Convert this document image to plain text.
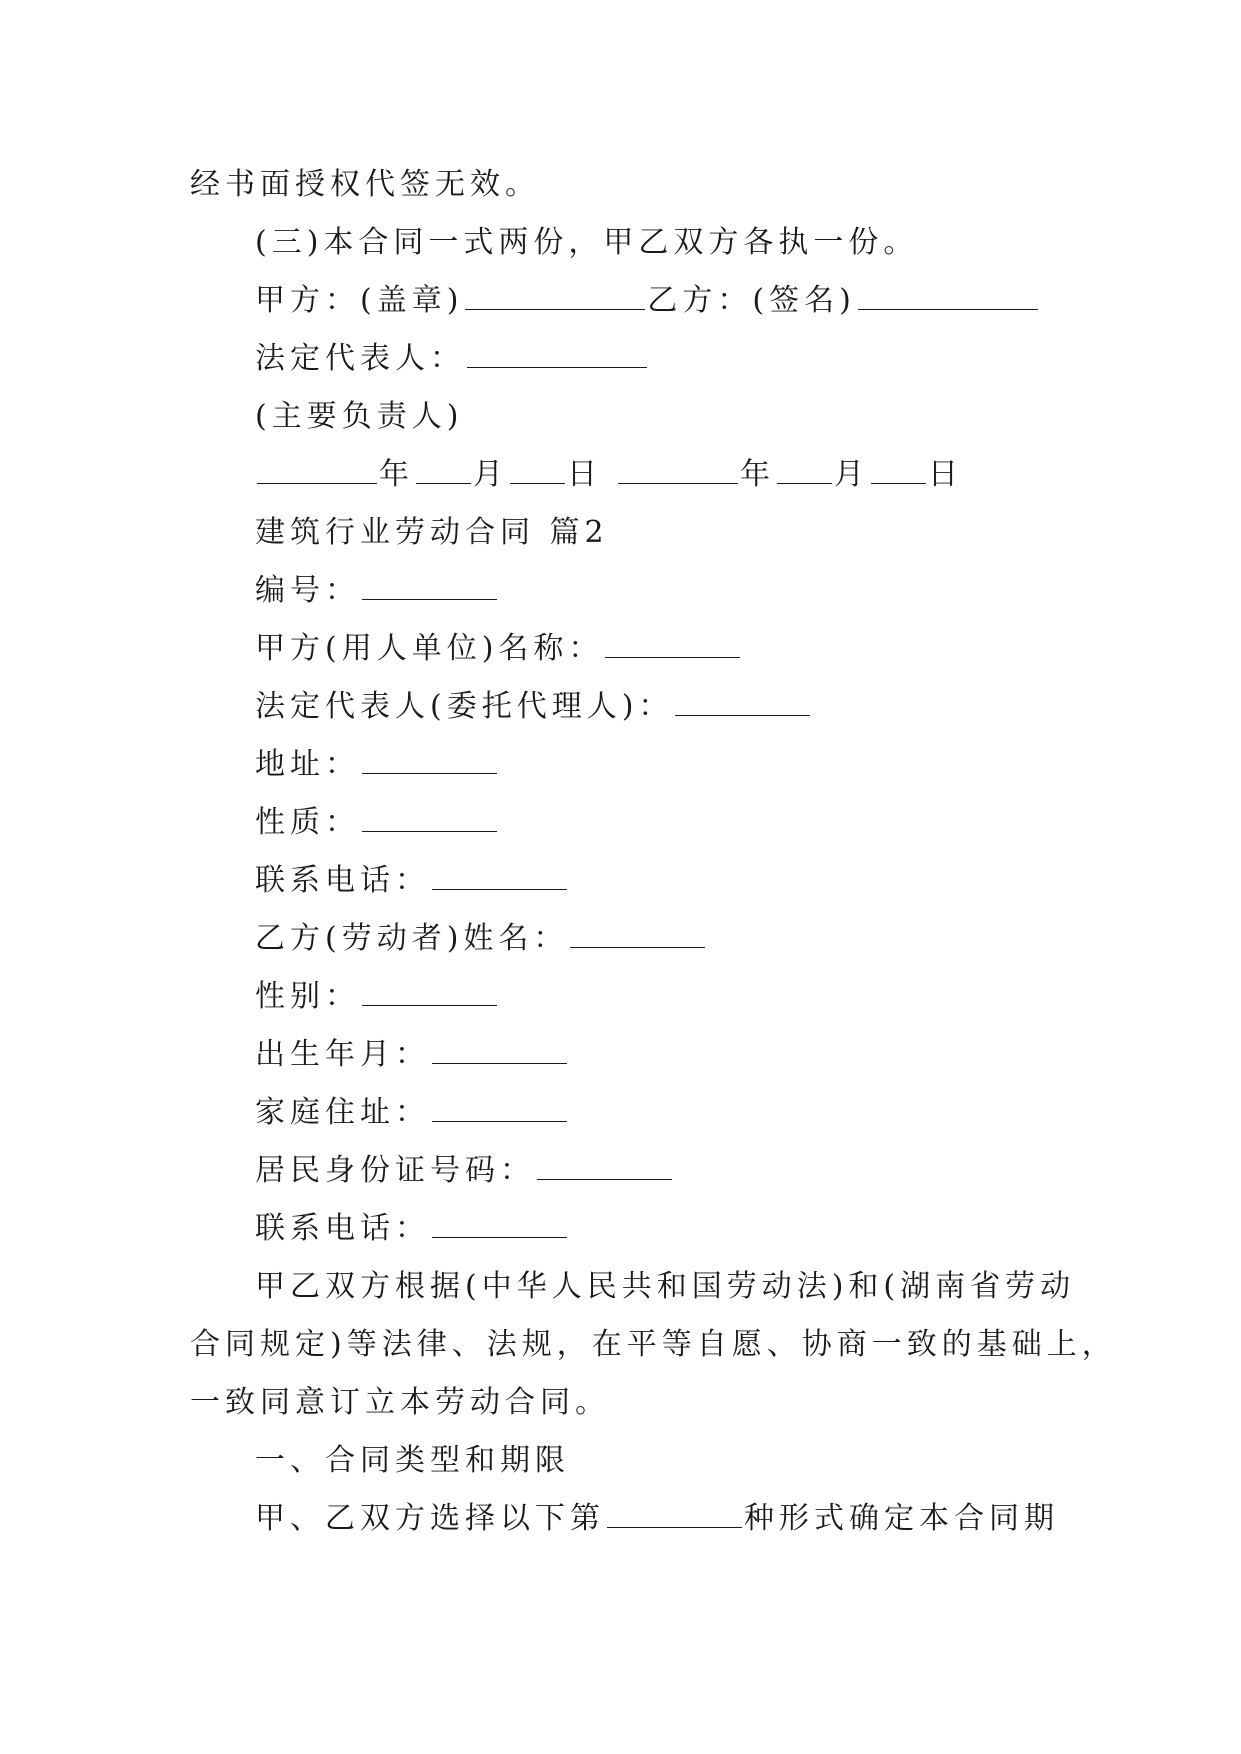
经书面授权代签无效。
(三)本合同一式两份，甲乙双方各执一份。
甲方：(盖章)	乙方：(签名)
法定代表人：
(主要负责人)
年 月 日	年 月 日
建筑行业劳动合同 篇2
编号：
甲方(用人单位)名称：
法定代表人(委托代理人)：
地址：
性质：
联系电话：
乙方(劳动者)姓名：
性别：
出生年月：
家庭住址：
居民身份证号码：
联系电话：
甲乙双方根据(中华人民共和国劳动法)和(湖南省劳动
合同规定)等法律、法规，在平等自愿、协商一致的基础上，
一致同意订立本劳动合同。
一、合同类型和期限
甲、乙双方选择以下第	种形式确定本合同期
